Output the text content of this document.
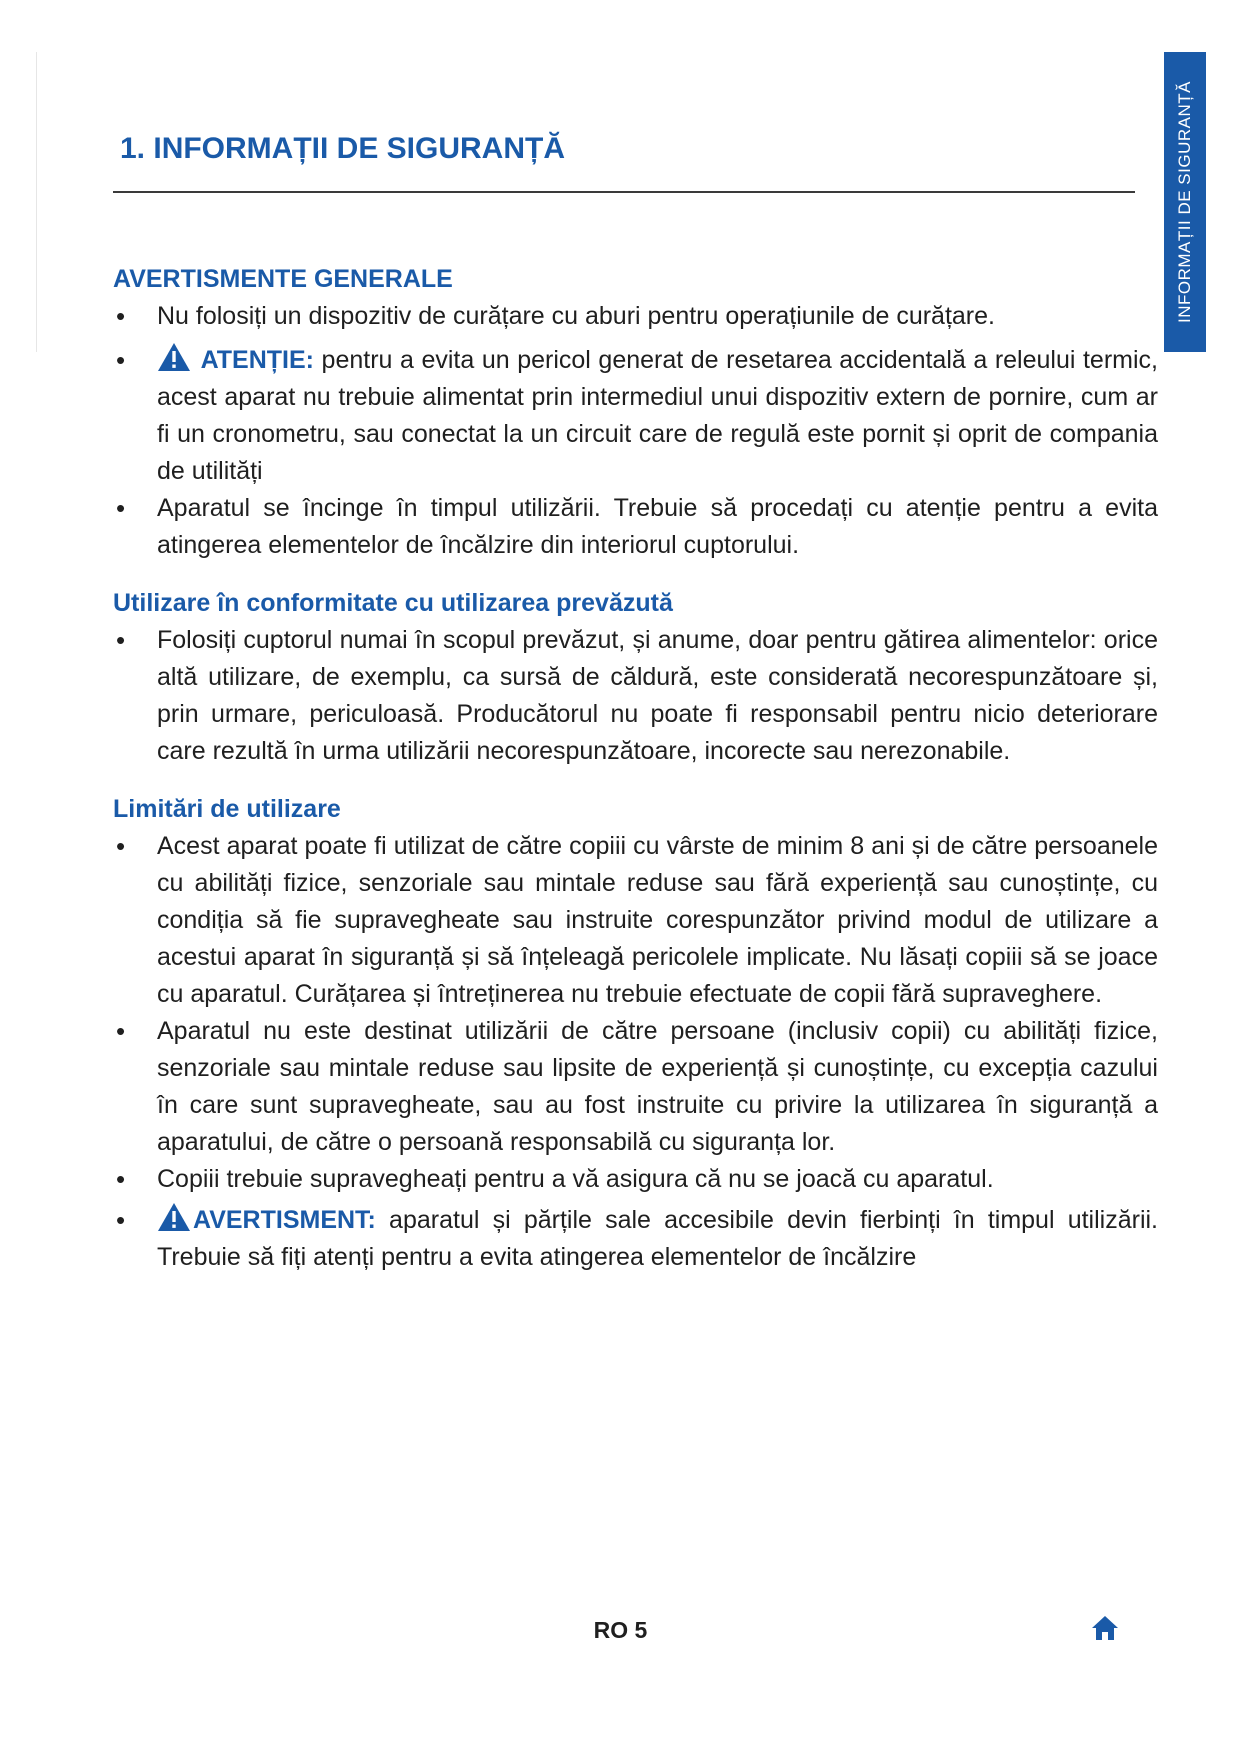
INFORMAȚII DE SIGURANȚĂ
1. INFORMAȚII DE SIGURANȚĂ
AVERTISMENTE GENERALE
• Nu folosiți un dispozitiv de curățare cu aburi pentru operațiunile de curățare.
• ATENȚIE: pentru a evita un pericol generat de resetarea accidentală a releului termic, acest aparat nu trebuie alimentat prin intermediul unui dispozitiv extern de pornire, cum ar fi un cronometru, sau conectat la un circuit care de regulă este pornit și oprit de compania de utilități
• Aparatul se încinge în timpul utilizării. Trebuie să procedați cu atenție pentru a evita atingerea elementelor de încălzire din interiorul cuptorului.
Utilizare în conformitate cu utilizarea prevăzută
• Folosiți cuptorul numai în scopul prevăzut, și anume, doar pentru gătirea alimentelor: orice altă utilizare, de exemplu, ca sursă de căldură, este considerată necorespunzătoare și, prin urmare, periculoasă. Producătorul nu poate fi responsabil pentru nicio deteriorare care rezultă în urma utilizării necorespunzătoare, incorecte sau nerezonabile.
Limitări de utilizare
• Acest aparat poate fi utilizat de către copiii cu vârste de minim 8 ani și de către persoanele cu abilități fizice, senzoriale sau mintale reduse sau fără experiență sau cunoștințe, cu condiția să fie supravegheate sau instruite corespunzător privind modul de utilizare a acestui aparat în siguranță și să înțeleagă pericolele implicate. Nu lăsați copiii să se joace cu aparatul. Curățarea și întreținerea nu trebuie efectuate de copii fără supraveghere.
• Aparatul nu este destinat utilizării de către persoane (inclusiv copii) cu abilități fizice, senzoriale sau mintale reduse sau lipsite de experiență și cunoștințe, cu excepția cazului în care sunt supravegheate, sau au fost instruite cu privire la utilizarea în siguranță a aparatului, de către o persoană responsabilă cu siguranța lor.
• Copiii trebuie supravegheați pentru a vă asigura că nu se joacă cu aparatul.
• AVERTISMENT: aparatul și părțile sale accesibile devin fierbinți în timpul utilizării. Trebuie să fiți atenți pentru a evita atingerea elementelor de încălzire
RO 5
